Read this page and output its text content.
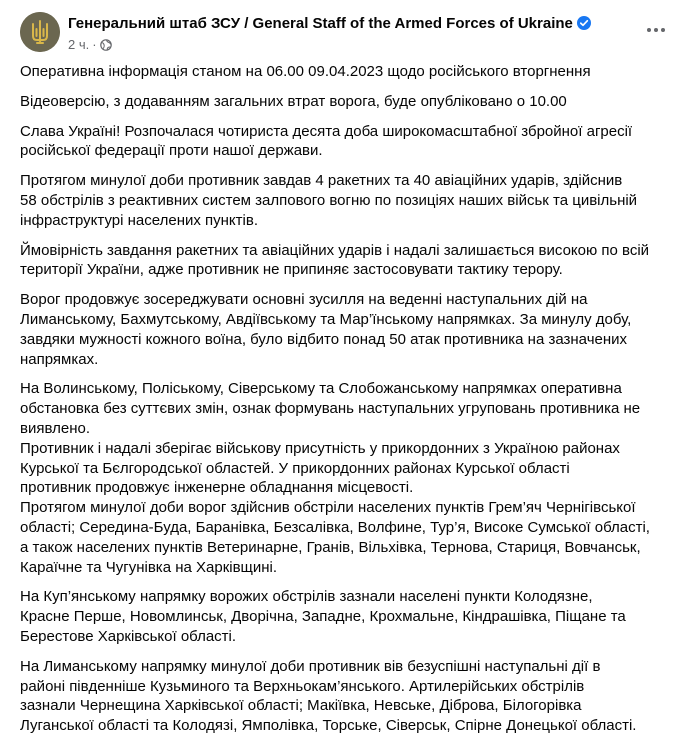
Генеральний штаб ЗСУ / General Staff of the Armed Forces of Ukraine
2 ч. ·

Оперативна інформація станом на 06.00 09.04.2023 щодо російського вторгнення

Відеоверсію, з додаванням загальних втрат ворога, буде опубліковано о 10.00

Слава Україні! Розпочалася чотириста десята доба широкомасштабної збройної агресії
російської федерації проти нашої держави.

Протягом минулої доби противник завдав 4 ракетних та 40 авіаційних ударів, здійснив
58 обстрілів з реактивних систем залпового вогню по позиціях наших військ та цивільній
інфраструктурі населених пунктів.

Ймовірність завдання ракетних та авіаційних ударів і надалі залишається високою по всій
території України, адже противник не припиняє застосовувати тактику терору.

Ворог продовжує зосереджувати основні зусилля на веденні наступальних дій на
Лиманському, Бахмутському, Авдіївському та Мар’їнському напрямках. За минулу добу,
завдяки мужності кожного воїна, було відбито понад 50 атак противника на зазначених
напрямках.

На Волинському, Поліському, Сіверському та Слобожанському напрямках оперативна
обстановка без суттєвих змін, ознак формувань наступальних угруповань противника не
виявлено.

Противник і надалі зберігає військову присутність у прикордонних з Україною районах
Курської та Бєлгородської областей. У прикордонних районах Курської області
противник продовжує інженерне обладнання місцевості.

Протягом минулої доби ворог здійснив обстріли населених пунктів Грем’яч Чернігівської
області; Середина-Буда, Баранівка, Безсалівка, Волфине, Тур’я, Високе Сумської області,
а також населених пунктів Ветеринарне, Гранів, Вільхівка, Тернова, Стариця, Вовчанськ,
Караїчне та Чугунівка на Харківщині.

На Куп’янському напрямку ворожих обстрілів зазнали населені пункти Колодязне,
Красне Перше, Новомлинськ, Дворічна, Западне, Крохмальне, Кіндрашівка, Піщане та
Берестове Харківської області.

На Лиманському напрямку минулої доби противник вів безуспішні наступальні дії в
районі південніше Кузьминого та Верхньокам’янського. Артилерійських обстрілів
зазнали Чернещина Харківської області; Макіївка, Невське, Діброва, Білогорівка
Луганської області та Колодязі, Ямполівка, Торське, Сіверськ, Спірне Донецької області.
